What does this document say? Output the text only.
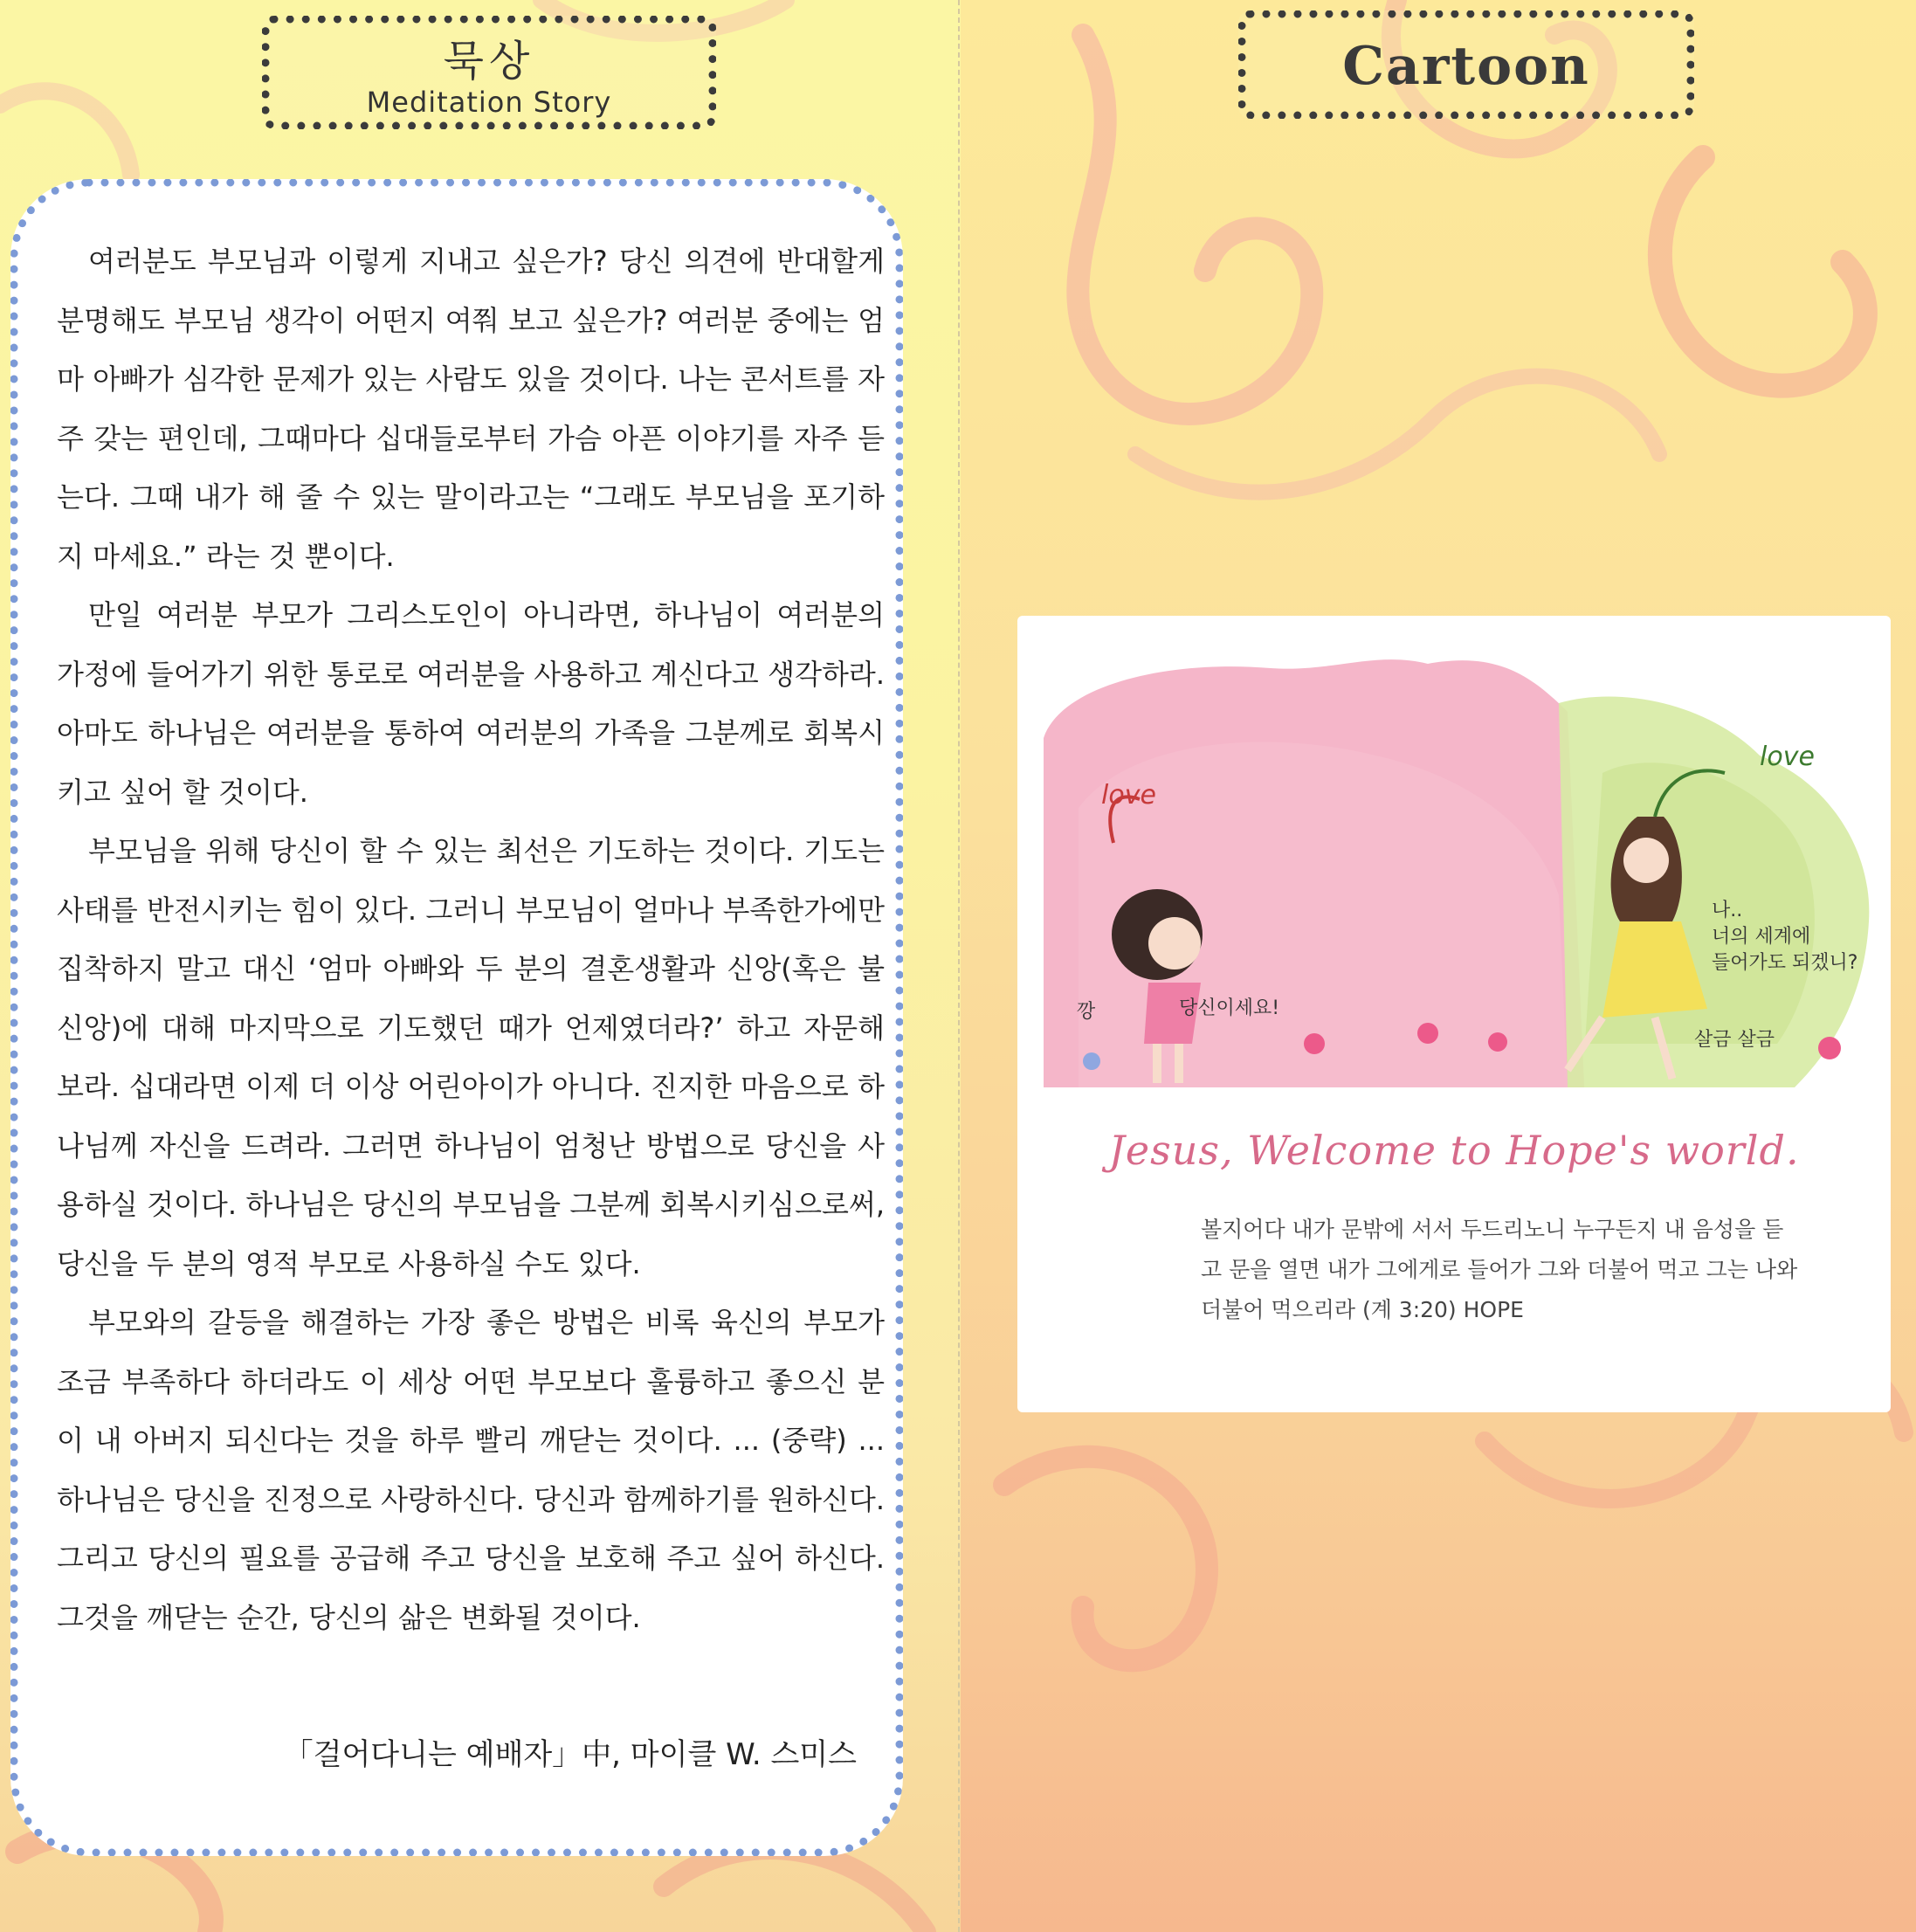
묵상
Meditation Story

여러분도 부모님과 이렇게 지내고 싶은가? 당신 의견에 반대할게 분명해도 부모님 생각이 어떤지 여쭤 보고 싶은가? 여러분 중에는 엄마 아빠가 심각한 문제가 있는 사람도 있을 것이다. 나는 콘서트를 자주 갖는 편인데, 그때마다 십대들로부터 가슴 아픈 이야기를 자주 듣는다. 그때 내가 해 줄 수 있는 말이라고는 “그래도 부모님을 포기하지 마세요.” 라는 것 뿐이다.

만일 여러분 부모가 그리스도인이 아니라면, 하나님이 여러분의 가정에 들어가기 위한 통로로 여러분을 사용하고 계신다고 생각하라. 아마도 하나님은 여러분을 통하여 여러분의 가족을 그분께로 회복시키고 싶어 할 것이다.

부모님을 위해 당신이 할 수 있는 최선은 기도하는 것이다. 기도는 사태를 반전시키는 힘이 있다. 그러니 부모님이 얼마나 부족한가에만 집착하지 말고 대신 ‘엄마 아빠와 두 분의 결혼생활과 신앙(혹은 불신앙)에 대해 마지막으로 기도했던 때가 언제였더라?’ 하고 자문해 보라. 십대라면 이제 더 이상 어린아이가 아니다. 진지한 마음으로 하나님께 자신을 드려라. 그러면 하나님이 엄청난 방법으로 당신을 사용하실 것이다. 하나님은 당신의 부모님을 그분께 회복시키심으로써, 당신을 두 분의 영적 부모로 사용하실 수도 있다.

부모와의 갈등을 해결하는 가장 좋은 방법은 비록 육신의 부모가 조금 부족하다 하더라도 이 세상 어떤 부모보다 훌륭하고 좋으신 분이 내 아버지 되신다는 것을 하루 빨리 깨닫는 것이다. ... (중략) ... 하나님은 당신을 진정으로 사랑하신다. 당신과 함께하기를 원하신다. 그리고 당신의 필요를 공급해 주고 당신을 보호해 주고 싶어 하신다. 그것을 깨닫는 순간, 당신의 삶은 변화될 것이다.

「걸어다니는 예배자」中, 마이클 W. 스미스
Cartoon
love
love
깡	당신이세요!
나..
너의 세계에
들어가도 되겠니?
살금 살금
Jesus, Welcome to Hope's world.
볼지어다 내가 문밖에 서서 두드리노니 누구든지 내 음성을 듣고 문을 열면 내가 그에게로 들어가 그와 더불어 먹고 그는 나와 더불어 먹으리라 (계 3:20) HOPE
